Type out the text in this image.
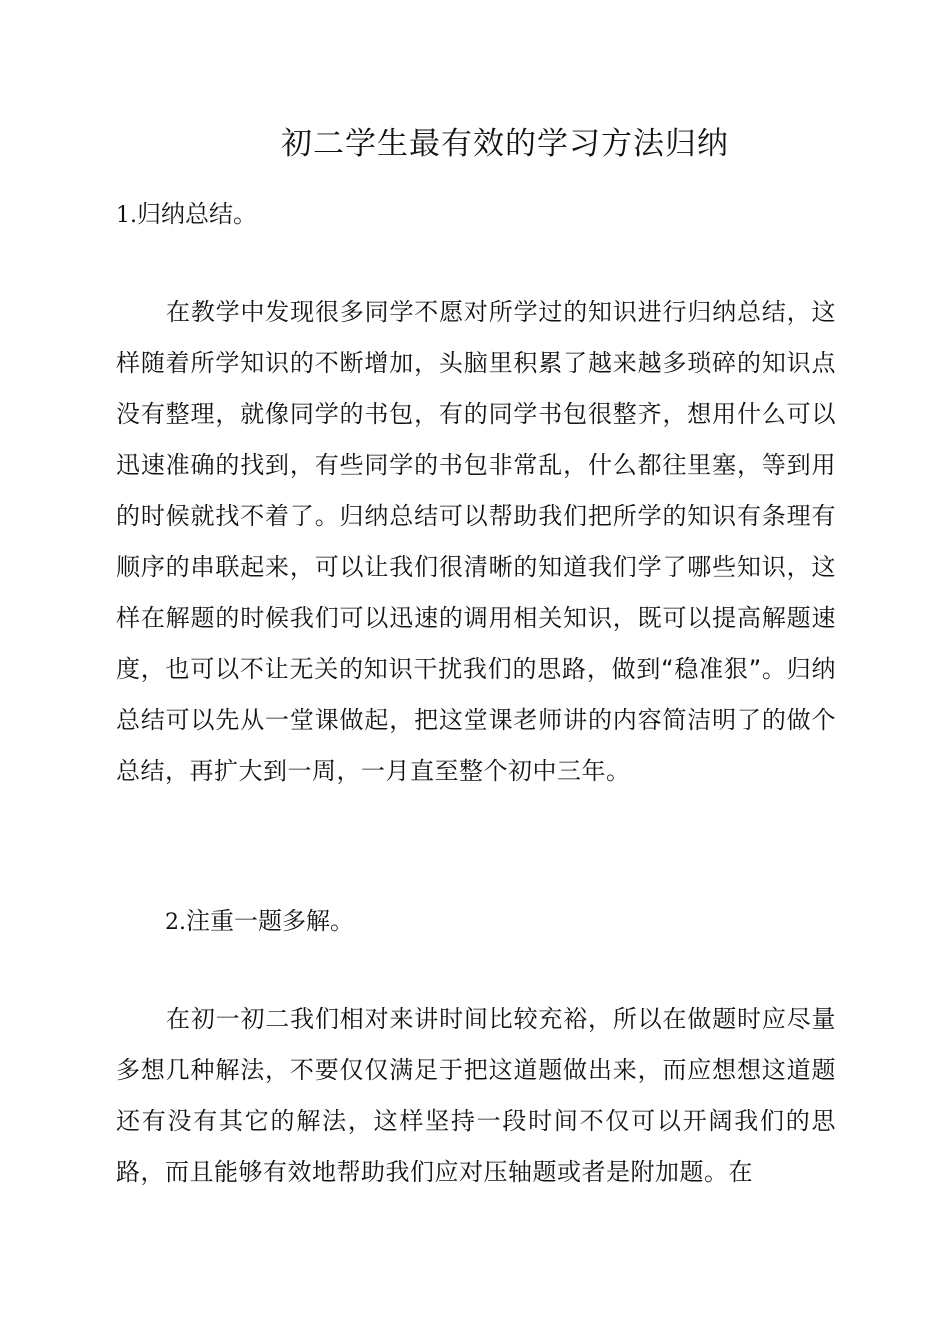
初二学生最有效的学习方法归纳
1.归纳总结。

在教学中发现很多同学不愿对所学过的知识进行归纳总结，这样随着所学知识的不断增加，头脑里积累了越来越多琐碎的知识点没有整理，就像同学的书包，有的同学书包很整齐，想用什么可以迅速准确的找到，有些同学的书包非常乱，什么都往里塞，等到用的时候就找不着了。归纳总结可以帮助我们把所学的知识有条理有顺序的串联起来，可以让我们很清晰的知道我们学了哪些知识，这样在解题的时候我们可以迅速的调用相关知识，既可以提高解题速度，也可以不让无关的知识干扰我们的思路，做到“稳准狠”。归纳总结可以先从一堂课做起，把这堂课老师讲的内容简洁明了的做个总结，再扩大到一周，一月直至整个初中三年。

2.注重一题多解。

在初一初二我们相对来讲时间比较充裕，所以在做题时应尽量多想几种解法，不要仅仅满足于把这道题做出来，而应想想这道题还有没有其它的解法，这样坚持一段时间不仅可以开阔我们的思路，而且能够有效地帮助我们应对压轴题或者是附加题。在
